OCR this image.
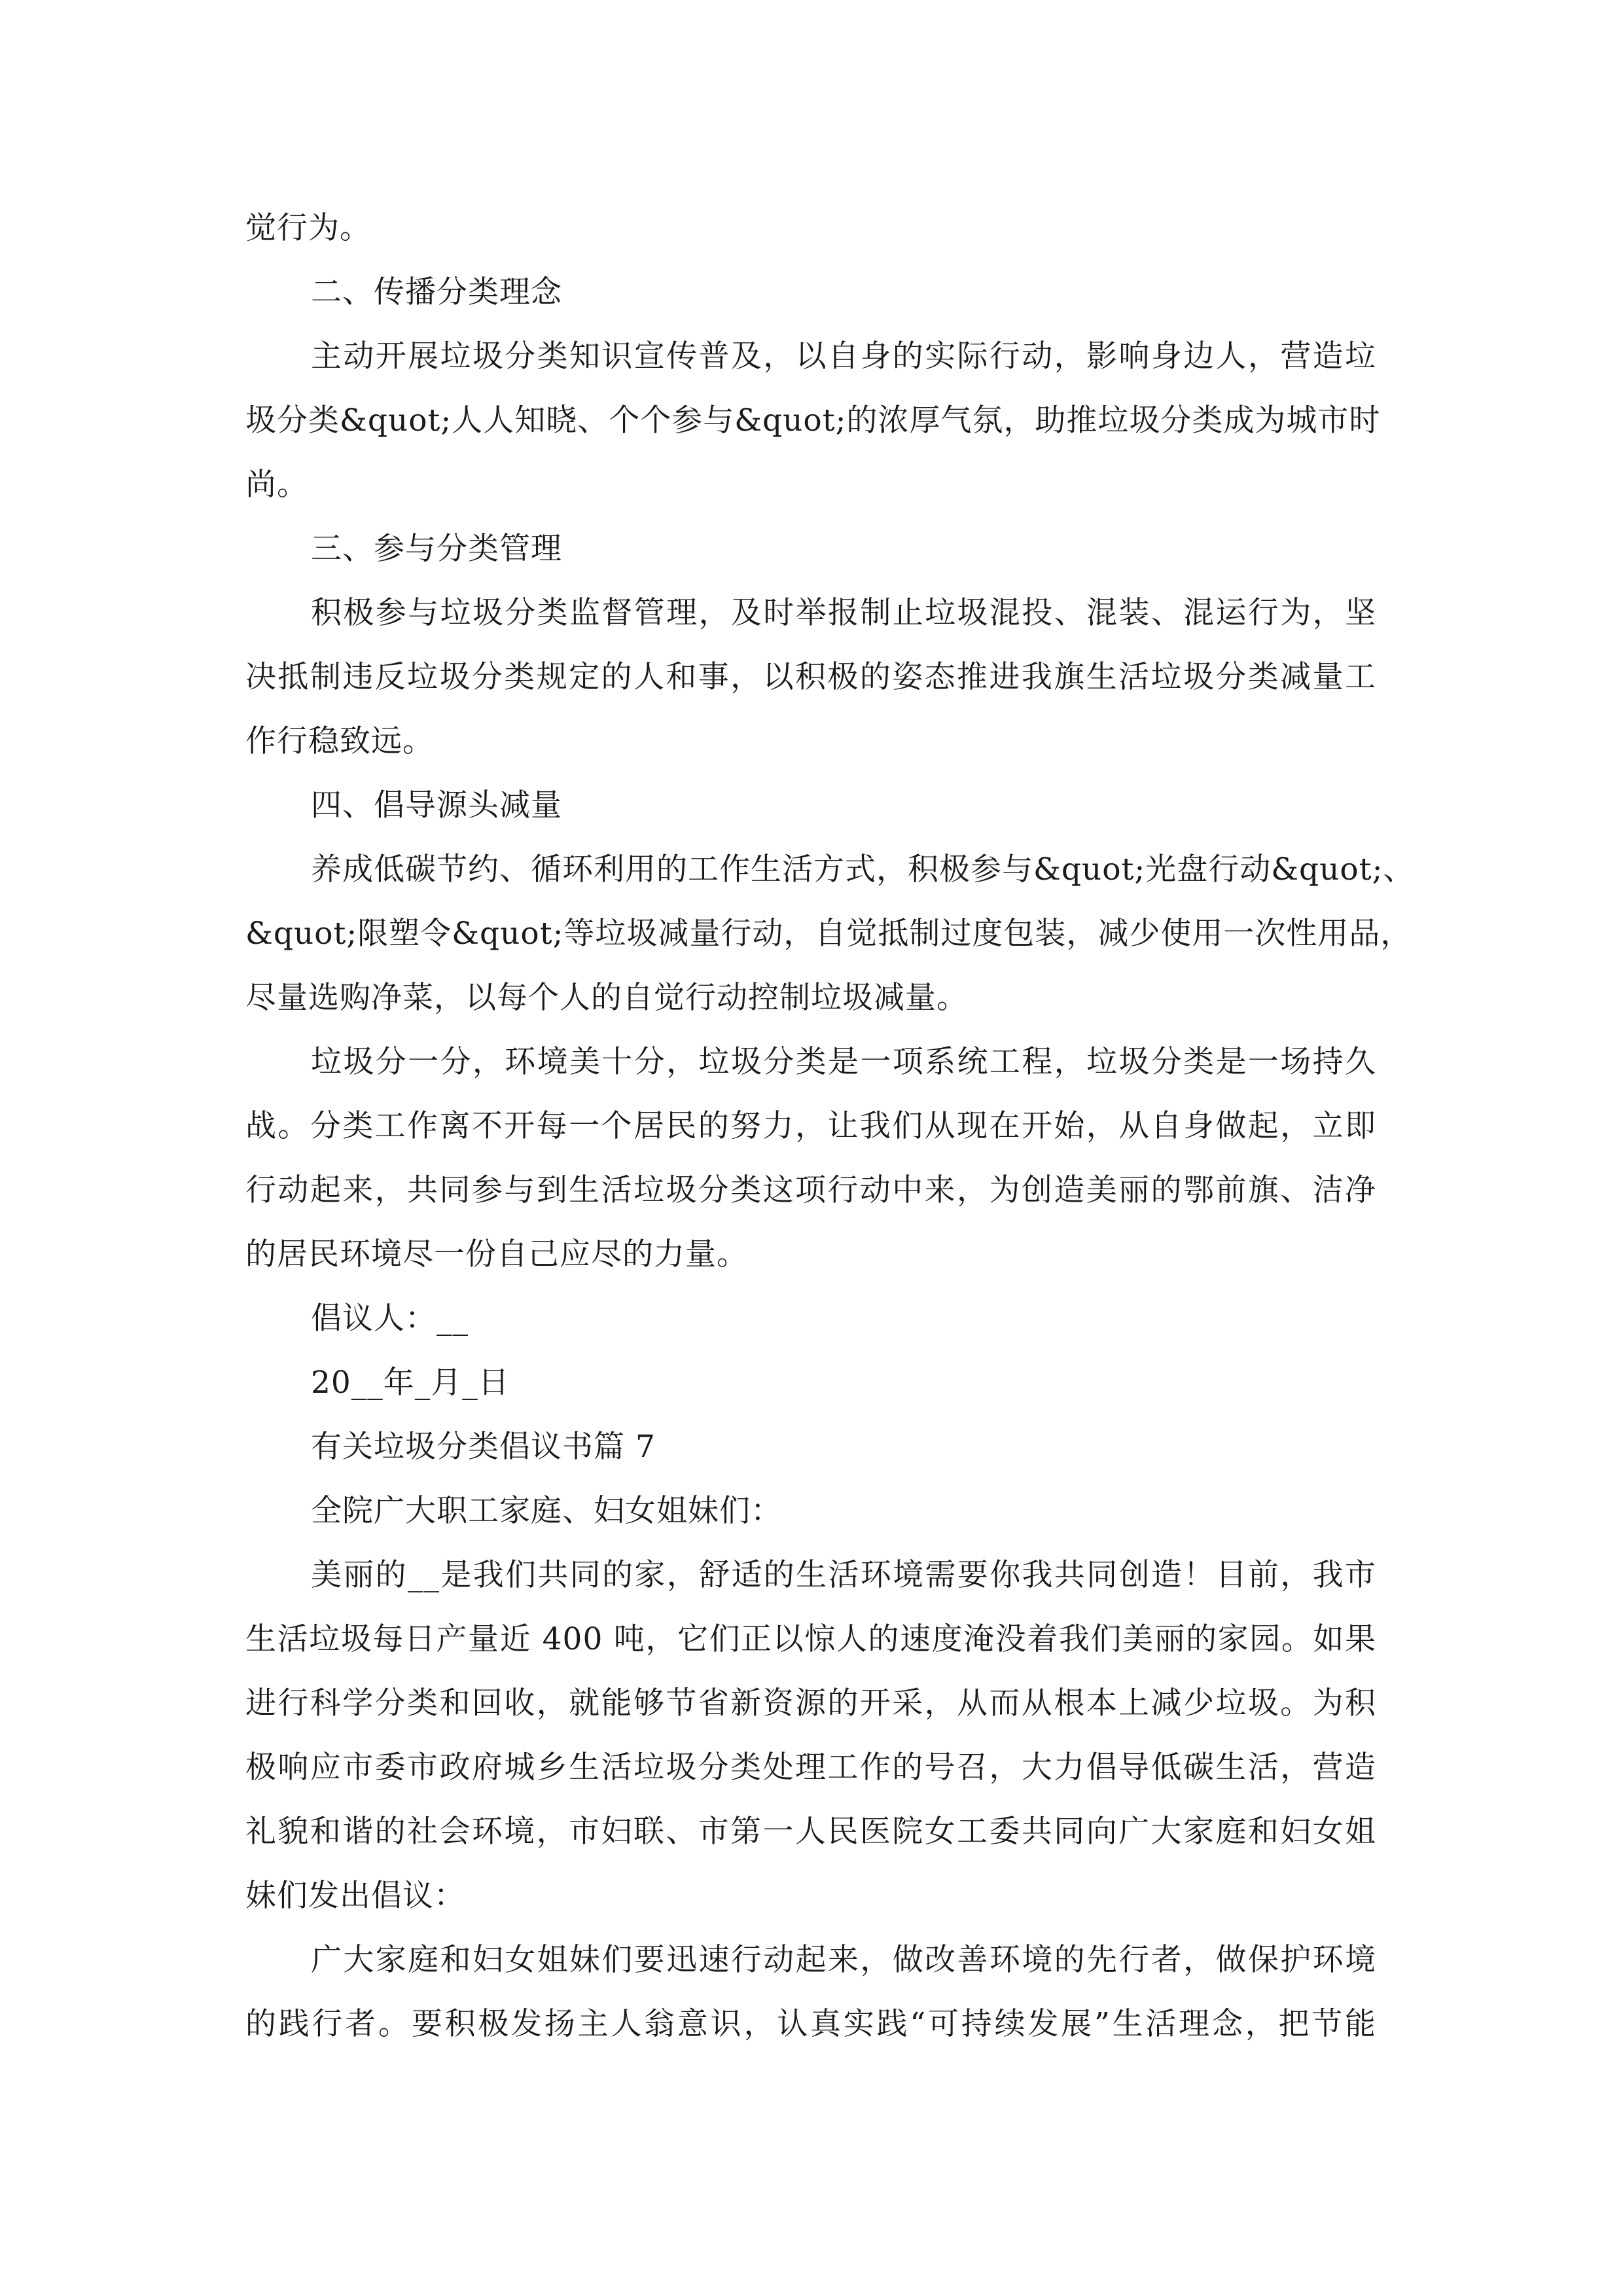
觉行为。
二、传播分类理念
主动开展垃圾分类知识宣传普及，以自身的实际行动，影响身边人，营造垃
圾分类&quot;人人知晓、个个参与&quot;的浓厚气氛，助推垃圾分类成为城市时
尚。
三、参与分类管理
积极参与垃圾分类监督管理，及时举报制止垃圾混投、混装、混运行为，坚
决抵制违反垃圾分类规定的人和事，以积极的姿态推进我旗生活垃圾分类减量工
作行稳致远。
四、倡导源头减量
养成低碳节约、循环利用的工作生活方式，积极参与&quot;光盘行动&quot;、
&quot;限塑令&quot;等垃圾减量行动，自觉抵制过度包装，减少使用一次性用品，
尽量选购净菜，以每个人的自觉行动控制垃圾减量。
垃圾分一分，环境美十分，垃圾分类是一项系统工程，垃圾分类是一场持久
战。分类工作离不开每一个居民的努力，让我们从现在开始，从自身做起，立即
行动起来，共同参与到生活垃圾分类这项行动中来，为创造美丽的鄂前旗、洁净
的居民环境尽一份自己应尽的力量。
倡议人：__
20__年_月_日
有关垃圾分类倡议书篇 7
全院广大职工家庭、妇女姐妹们：
美丽的__是我们共同的家，舒适的生活环境需要你我共同创造！目前，我市
生活垃圾每日产量近 400 吨，它们正以惊人的速度淹没着我们美丽的家园。如果
进行科学分类和回收，就能够节省新资源的开采，从而从根本上减少垃圾。为积
极响应市委市政府城乡生活垃圾分类处理工作的号召，大力倡导低碳生活，营造
礼貌和谐的社会环境，市妇联、市第一人民医院女工委共同向广大家庭和妇女姐
妹们发出倡议：
广大家庭和妇女姐妹们要迅速行动起来，做改善环境的先行者，做保护环境
的践行者。要积极发扬主人翁意识，认真实践“可持续发展”生活理念，把节能
